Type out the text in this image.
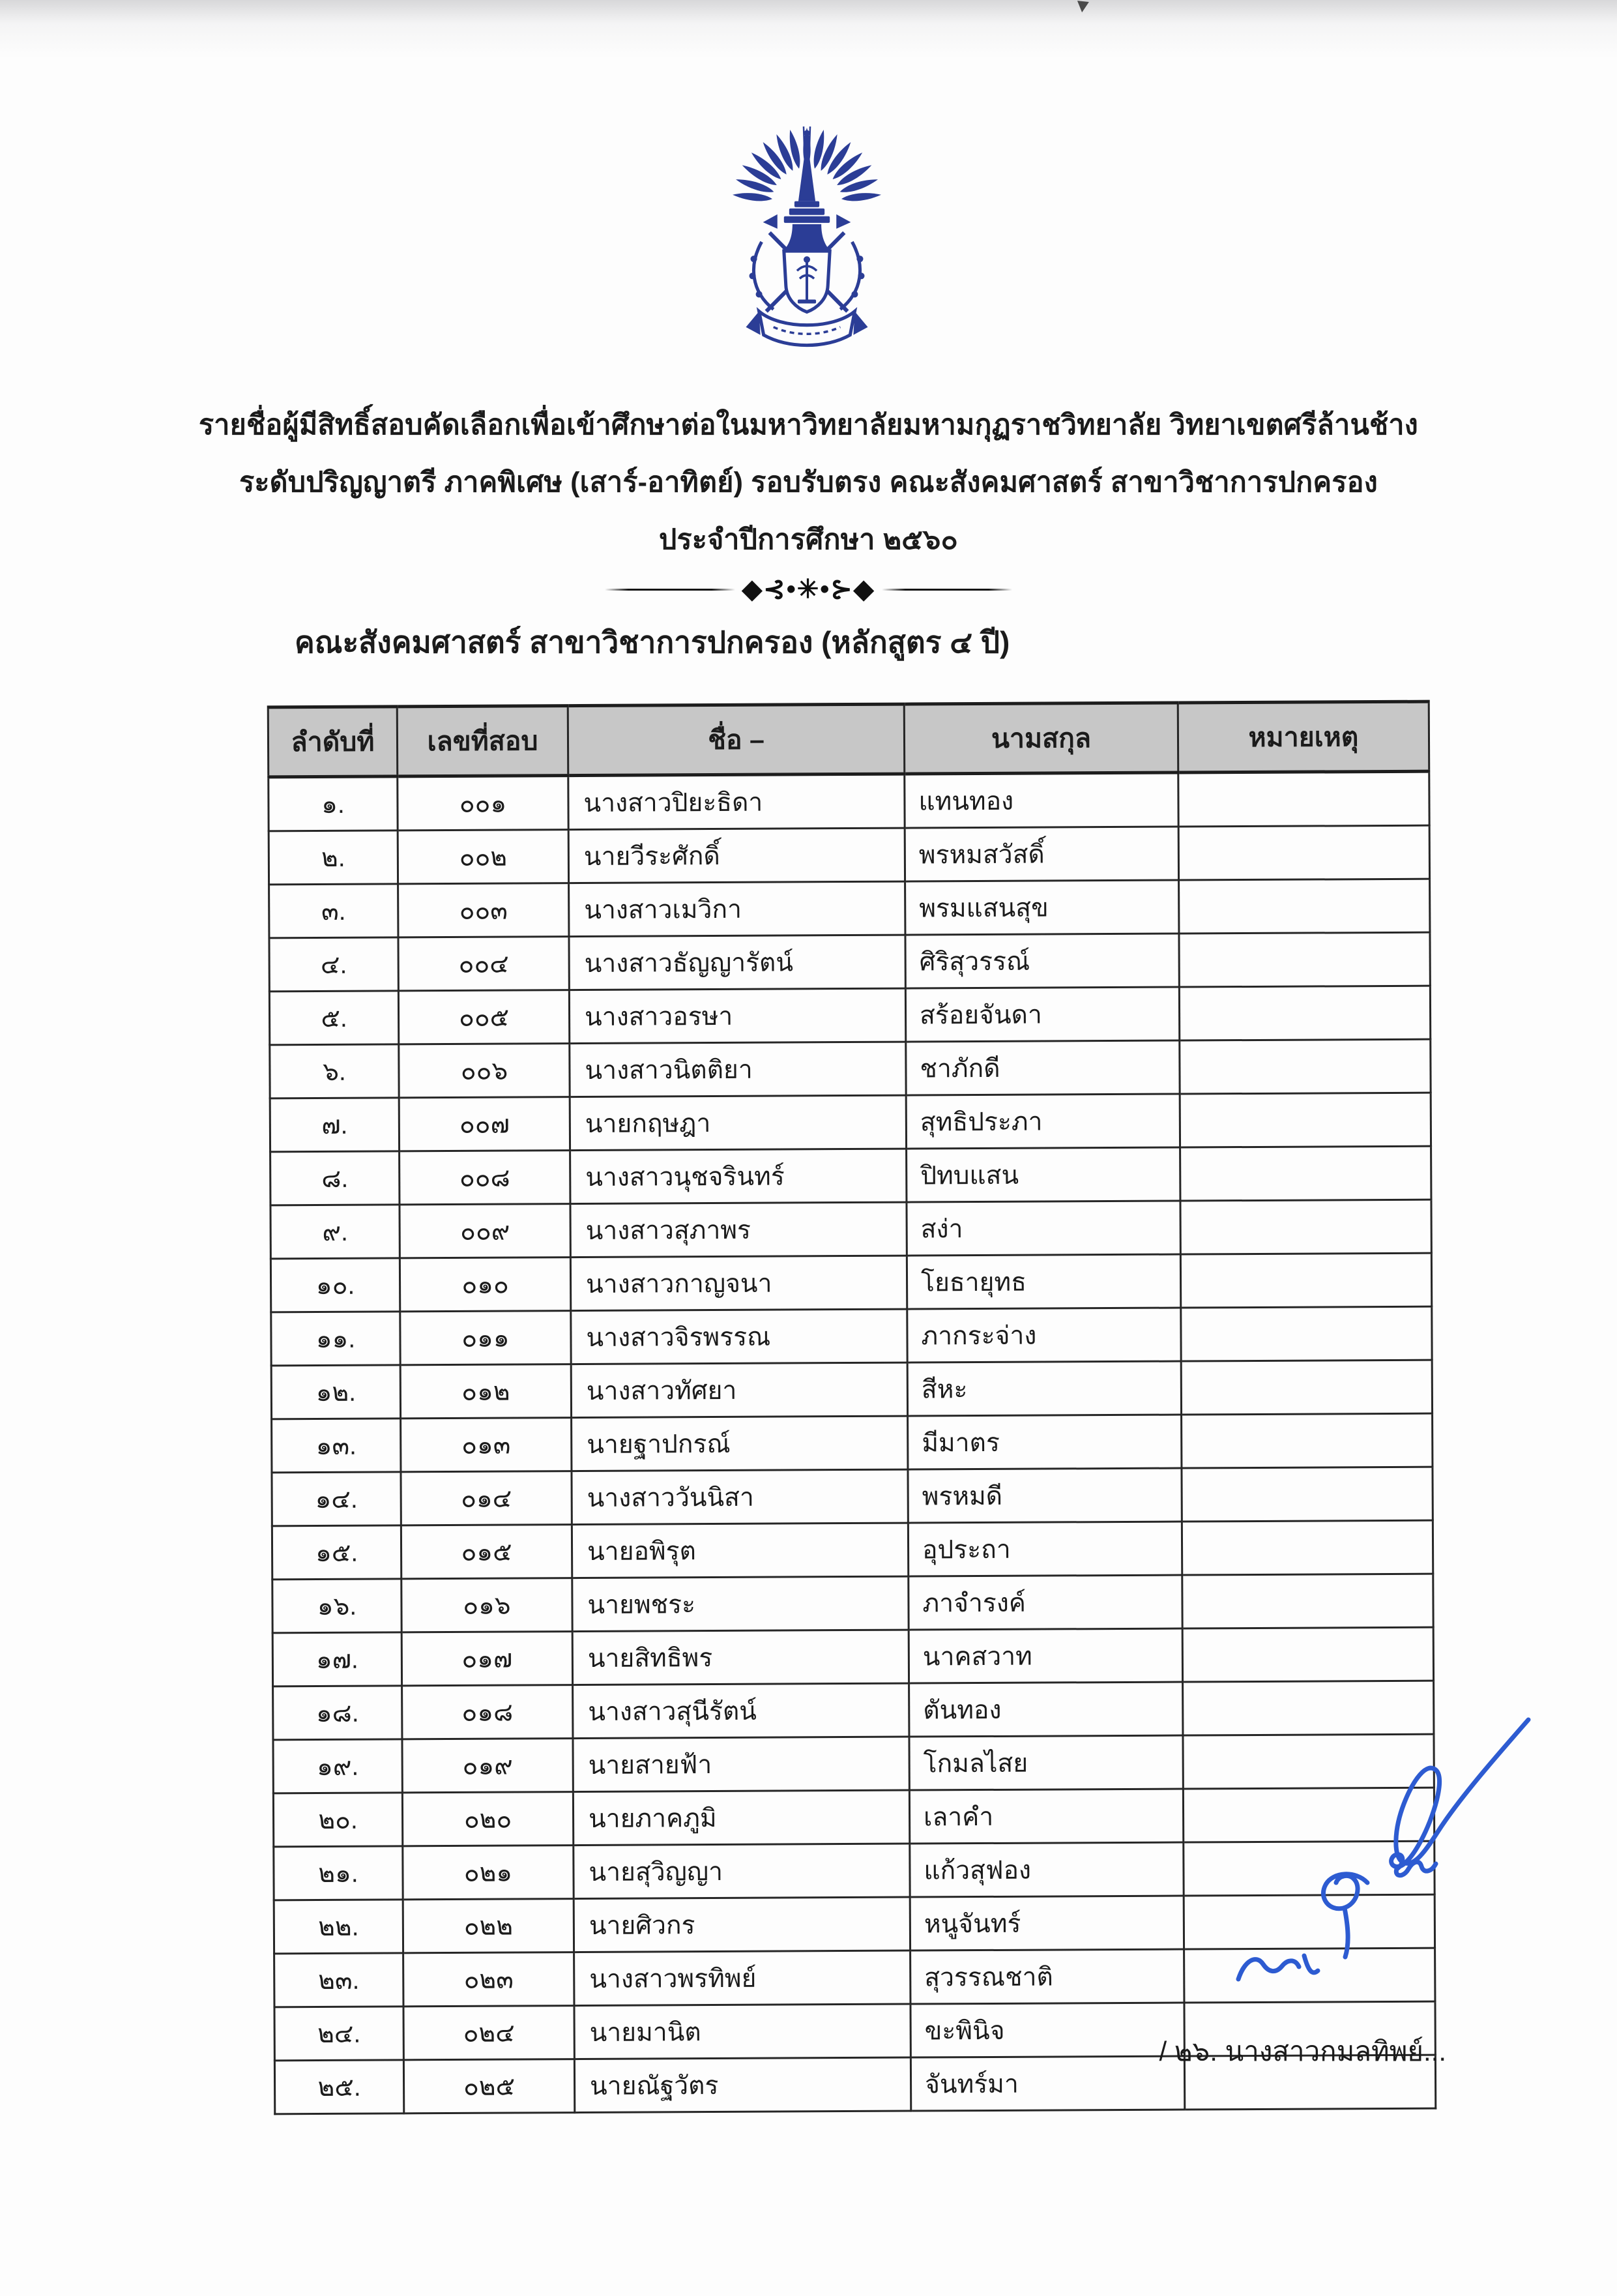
รายชื่อผู้มีสิทธิ์สอบคัดเลือกเพื่อเข้าศึกษาต่อในมหาวิทยาลัยมหามกุฏราชวิทยาลัย วิทยาเขตศรีล้านช้าง
ระดับปริญญาตรี ภาคพิเศษ (เสาร์-อาทิตย์) รอบรับตรง คณะสังคมศาสตร์ สาขาวิชาการปกครอง
ประจำปีการศึกษา ๒๕๖๐
◆⊰•✳•⊱◆
คณะสังคมศาสตร์ สาขาวิชาการปกครอง (หลักสูตร ๔ ปี)
ลำดับที่	เลขที่สอบ	ชื่อ –	นามสกุล	หมายเหตุ
๑.	๐๐๑	นางสาวปิยะธิดา	แทนทอง	
๒.	๐๐๒	นายวีระศักดิ์	พรหมสวัสดิ์	
๓.	๐๐๓	นางสาวเมวิกา	พรมแสนสุข	
๔.	๐๐๔	นางสาวธัญญารัตน์	ศิริสุวรรณ์	
๕.	๐๐๕	นางสาวอรษา	สร้อยจันดา	
๖.	๐๐๖	นางสาวนิตติยา	ชาภักดี	
๗.	๐๐๗	นายกฤษฎา	สุทธิประภา	
๘.	๐๐๘	นางสาวนุชจรินทร์	ปิทบแสน	
๙.	๐๐๙	นางสาวสุภาพร	สง่า	
๑๐.	๐๑๐	นางสาวกาญจนา	โยธายุทธ	
๑๑.	๐๑๑	นางสาวจิรพรรณ	ภากระจ่าง	
๑๒.	๐๑๒	นางสาวทัศยา	สีหะ	
๑๓.	๐๑๓	นายฐาปกรณ์	มีมาตร	
๑๔.	๐๑๔	นางสาววันนิสา	พรหมดี	
๑๕.	๐๑๕	นายอพิรุต	อุประถา	
๑๖.	๐๑๖	นายพชระ	ภาจำรงค์	
๑๗.	๐๑๗	นายสิทธิพร	นาคสวาท	
๑๘.	๐๑๘	นางสาวสุนีรัตน์	ตันทอง	
๑๙.	๐๑๙	นายสายฟ้า	โกมลไสย	
๒๐.	๐๒๐	นายภาคภูมิ	เลาคำ	
๒๑.	๐๒๑	นายสุวิญญา	แก้วสุฟอง	
๒๒.	๐๒๒	นายศิวกร	หนูจันทร์	
๒๓.	๐๒๓	นางสาวพรทิพย์	สุวรรณชาติ	
๒๔.	๐๒๔	นายมานิต	ขะพินิจ	
๒๕.	๐๒๕	นายณัฐวัตร	จันทร์มา	
/ ๒๖. นางสาวกมลทิพย์...
